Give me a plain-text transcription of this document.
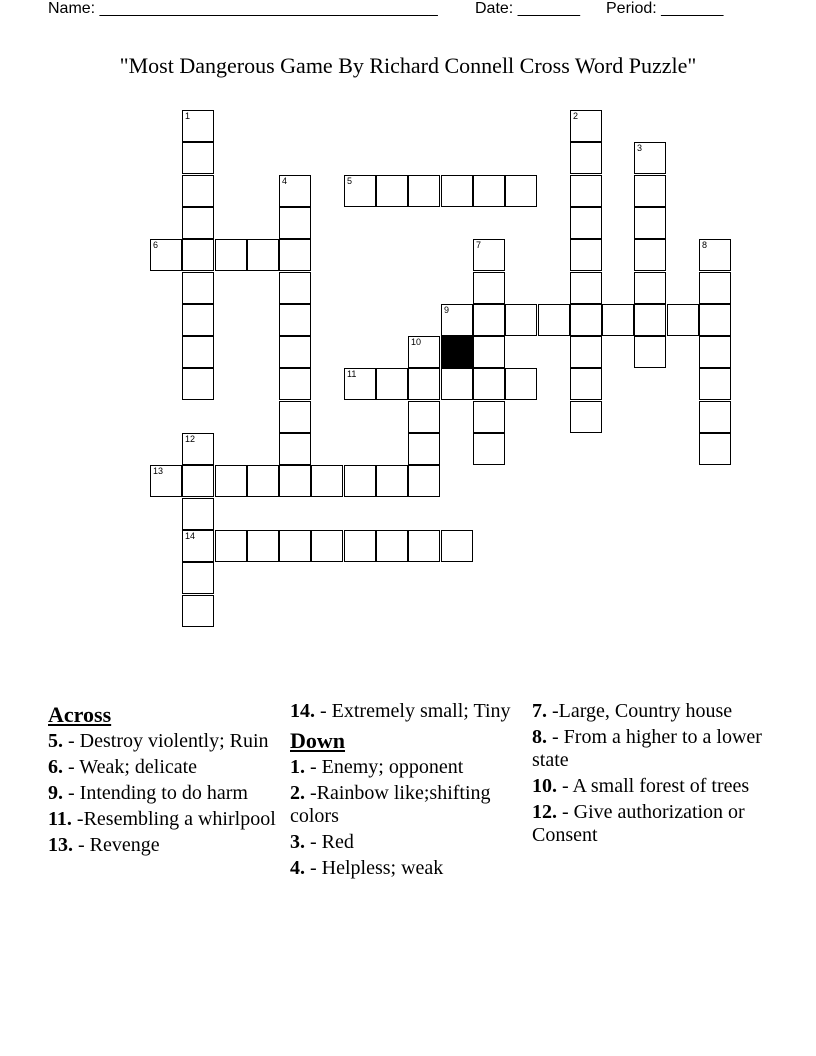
Name: ______________________________________ Date: _______ Period: _______
"Most Dangerous Game By Richard Connell Cross Word Puzzle"
1	2
3
4	5
6	7	8
9
10
11
12
14
13
Across
5. - Destroy violently; Ruin
6. - Weak; delicate
9. - Intending to do harm
11. -Resembling a whirlpool
13. - Revenge
14. - Extremely small; Tiny
Down
1. - Enemy; opponent
2. -Rainbow like;shifting colors
3. - Red
4. - Helpless; weak
7. -Large, Country house
8. - From a higher to a lower state
10. - A small forest of trees
12. - Give authorization or Consent
